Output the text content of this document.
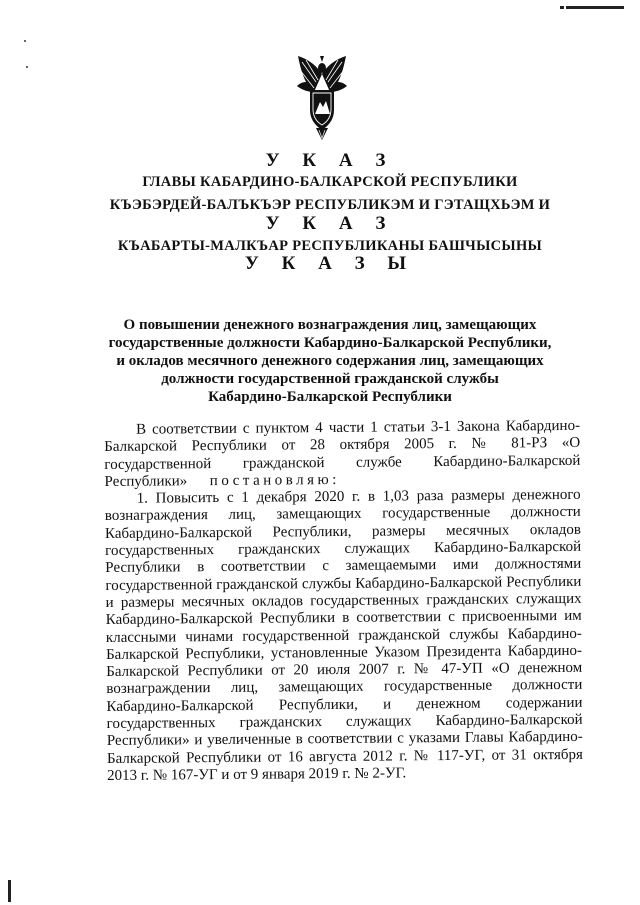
У К А З
ГЛАВЫ КАБАРДИНО-БАЛКАРСКОЙ РЕСПУБЛИКИ
КЪЭБЭРДЕЙ-БАЛЪКЪЭР РЕСПУБЛИКЭМ И ГЭТАЩХЬЭМ И
У К А З
КЪАБАРТЫ-МАЛКЪАР РЕСПУБЛИКАНЫ БАШЧЫСЫНЫ
У К А З Ы
О повышении денежного вознаграждения лиц, замещающих
государственные должности Кабардино-Балкарской Республики,
и окладов месячного денежного содержания лиц, замещающих
должности государственной гражданской службы
Кабардино-Балкарской Республики

В соответствии с пунктом 4 части 1 статьи 3-1 Закона Кабардино-Балкарской Республики от 28 октября 2005 г. № 81-РЗ «О государственной гражданской службе Кабардино-Балкарской Республики» постановляю:

1. Повысить с 1 декабря 2020 г. в 1,03 раза размеры денежного вознаграждения лиц, замещающих государственные должности Кабардино-Балкарской Республики, размеры месячных окладов государственных гражданских служащих Кабардино-Балкарской Республики в соответствии с замещаемыми ими должностями государственной гражданской службы Кабардино-Балкарской Республики и размеры месячных окладов государственных гражданских служащих Кабардино-Балкарской Республики в соответствии с присвоенными им классными чинами государственной гражданской службы Кабардино-Балкарской Республики, установленные Указом Президента Кабардино-Балкарской Республики от 20 июля 2007 г. № 47-УП «О денежном вознаграждении лиц, замещающих государственные должности Кабардино-Балкарской Республики, и денежном содержании государственных гражданских служащих Кабардино-Балкарской Республики» и увеличенные в соответствии с указами Главы Кабардино-Балкарской Республики от 16 августа 2012 г. № 117-УГ, от 31 октября 2013 г. № 167-УГ и от 9 января 2019 г. № 2-УГ.
